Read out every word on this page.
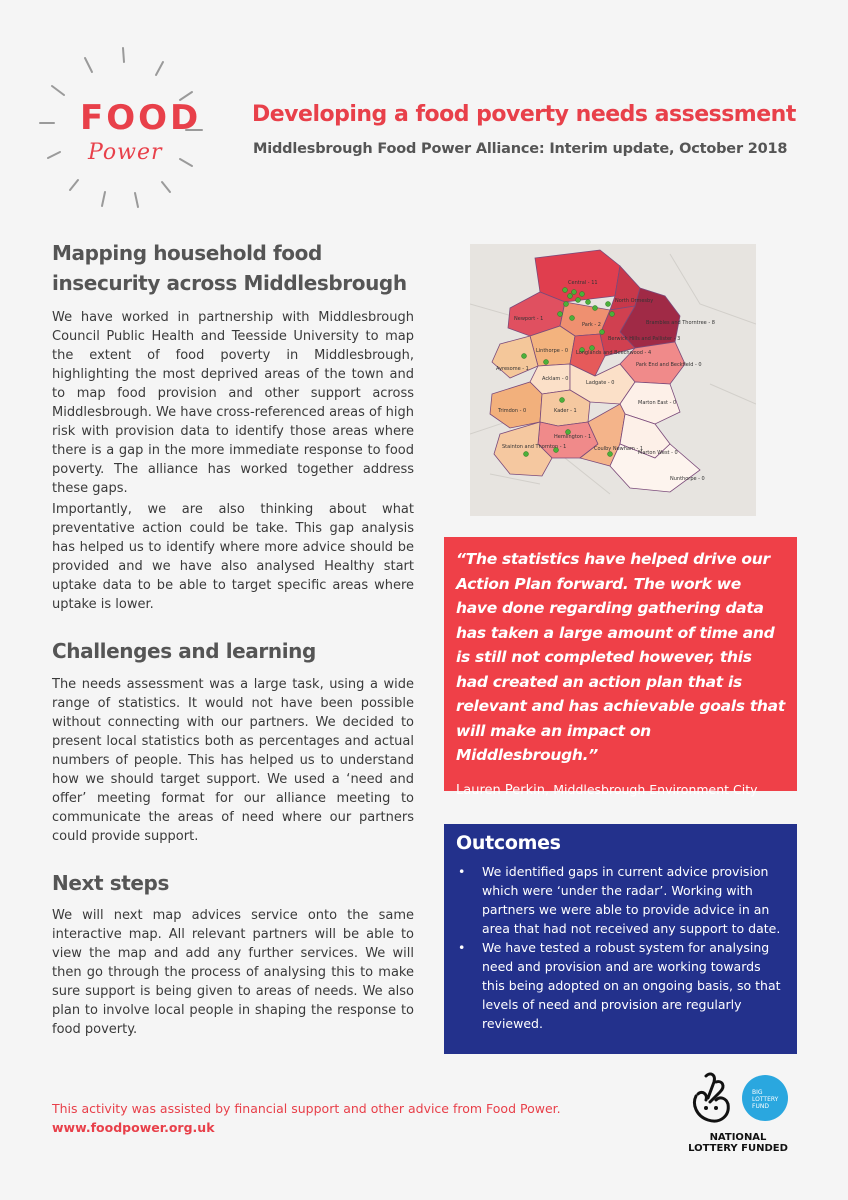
FOOD
Power
Developing a food poverty needs assessment
Middlesbrough Food Power Alliance: Interim update, October 2018
Mapping household food insecurity across Middlesbrough
We have worked in partnership with Middlesbrough Council Public Health and Teesside University to map the extent of food poverty in Middlesbrough, highlighting the most deprived areas of the town and to map food provision and other support across Middlesbrough. We have cross-referenced areas of high risk with provision data to identify those areas where there is a gap in the more immediate response to food poverty. The alliance has worked together address these gaps.
Importantly, we are also thinking about what preventative action could be take. This gap analysis has helped us to identify where more advice should be provided and we have also analysed Healthy start uptake data to be able to target specific areas where uptake is lower.
Challenges and learning
The needs assessment was a large task, using a wide range of statistics. It would not have been possible without connecting with our partners. We decided to present local statistics both as percentages and actual numbers of people. This has helped us to understand how we should target support. We used a ‘need and offer’ meeting format for our alliance meeting to communicate the areas of need where our partners could provide support.
Next steps
We will next map advices service onto the same interactive map. All relevant partners will be able to view the map and add any further services. We will then go through the process of analysing this to make sure support is being given to areas of needs. We also plan to involve local people in shaping the response to food poverty.
Central - 11
North Ormesby
Newport - 1
Brambles and Thorntree - 8
Park - 2
Berwick Hills and Pallister - 3
Linthorpe - 0 Longlands and Beechwood - 4
Park End and Beckfield - 0
Ayresome - 1
Acklam - 0
Ladgate - 0
Marton East - 0
Trimdon - 0	Kader - 1
Hemlington - 1
Stainton and Thornton - 1	Coulby Newham - 1
Marton West - 0
Nunthorpe - 0
“The statistics have helped drive our Action Plan forward. The work we have done regarding gathering data has taken a large amount of time and is still not completed however, this had created an action plan that is relevant and has achievable goals that will make an impact on Middlesbrough.”
Lauren Perkin, Middlesbrough Environment City
Outcomes
•	We identified gaps in current advice provision which were ‘under the radar’. Working with partners we were able to provide advice in an area that had not received any support to date.
•	We have tested a robust system for analysing need and provision and are working towards this being adopted on an ongoing basis, so that levels of need and provision are regularly reviewed.
This activity was assisted by financial support and other advice from Food Power.
www.foodpower.org.uk
BIG
LOTTERY
FUND
NATIONAL
LOTTERY FUNDED
